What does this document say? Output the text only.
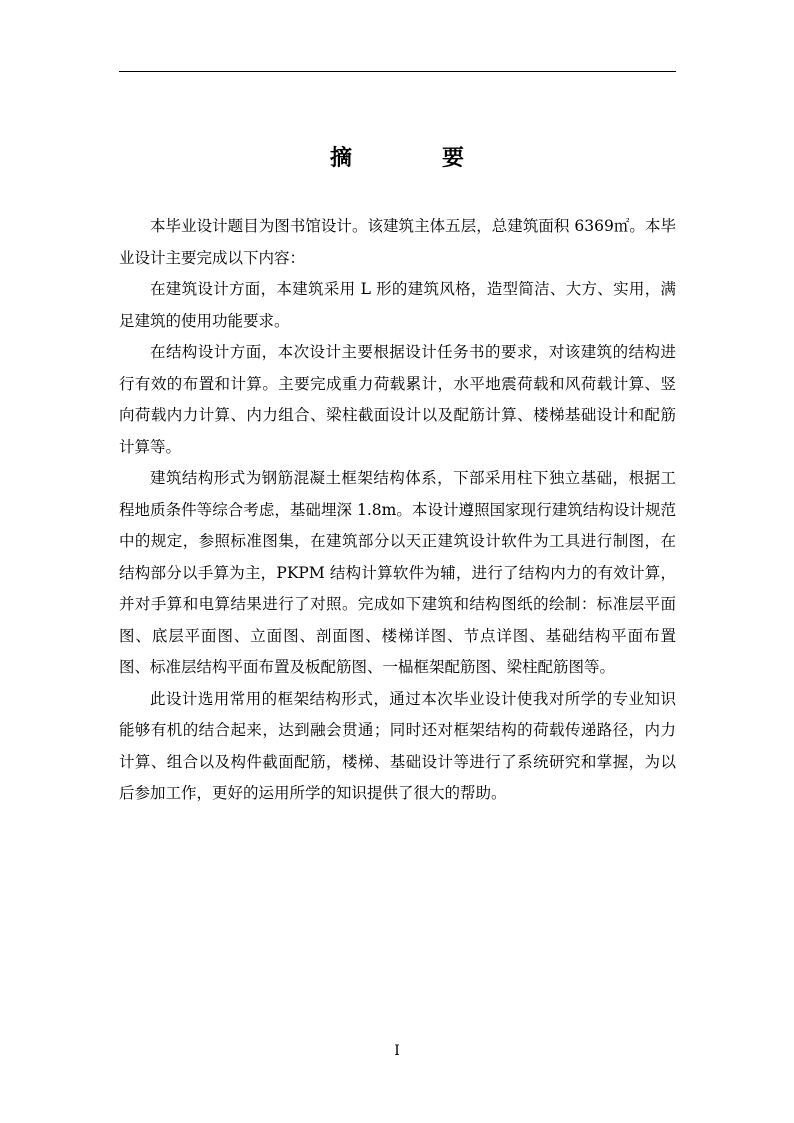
摘　要

本毕业设计题目为图书馆设计。该建筑主体五层，总建筑面积 6369㎡。本毕业设计主要完成以下内容：

在建筑设计方面，本建筑采用 L 形的建筑风格，造型简洁、大方、实用，满足建筑的使用功能要求。

在结构设计方面，本次设计主要根据设计任务书的要求，对该建筑的结构进行有效的布置和计算。主要完成重力荷载累计，水平地震荷载和风荷载计算、竖向荷载内力计算、内力组合、梁柱截面设计以及配筋计算、楼梯基础设计和配筋计算等。

建筑结构形式为钢筋混凝土框架结构体系，下部采用柱下独立基础，根据工程地质条件等综合考虑，基础埋深 1.8m。本设计遵照国家现行建筑结构设计规范中的规定，参照标准图集，在建筑部分以天正建筑设计软件为工具进行制图，在结构部分以手算为主，PKPM 结构计算软件为辅，进行了结构内力的有效计算，并对手算和电算结果进行了对照。完成如下建筑和结构图纸的绘制：标准层平面图、底层平面图、立面图、剖面图、楼梯详图、节点详图、基础结构平面布置图、标准层结构平面布置及板配筋图、一榀框架配筋图、梁柱配筋图等。

此设计选用常用的框架结构形式，通过本次毕业设计使我对所学的专业知识能够有机的结合起来，达到融会贯通；同时还对框架结构的荷载传递路径，内力计算、组合以及构件截面配筋，楼梯、基础设计等进行了系统研究和掌握，为以后参加工作，更好的运用所学的知识提供了很大的帮助。

I
